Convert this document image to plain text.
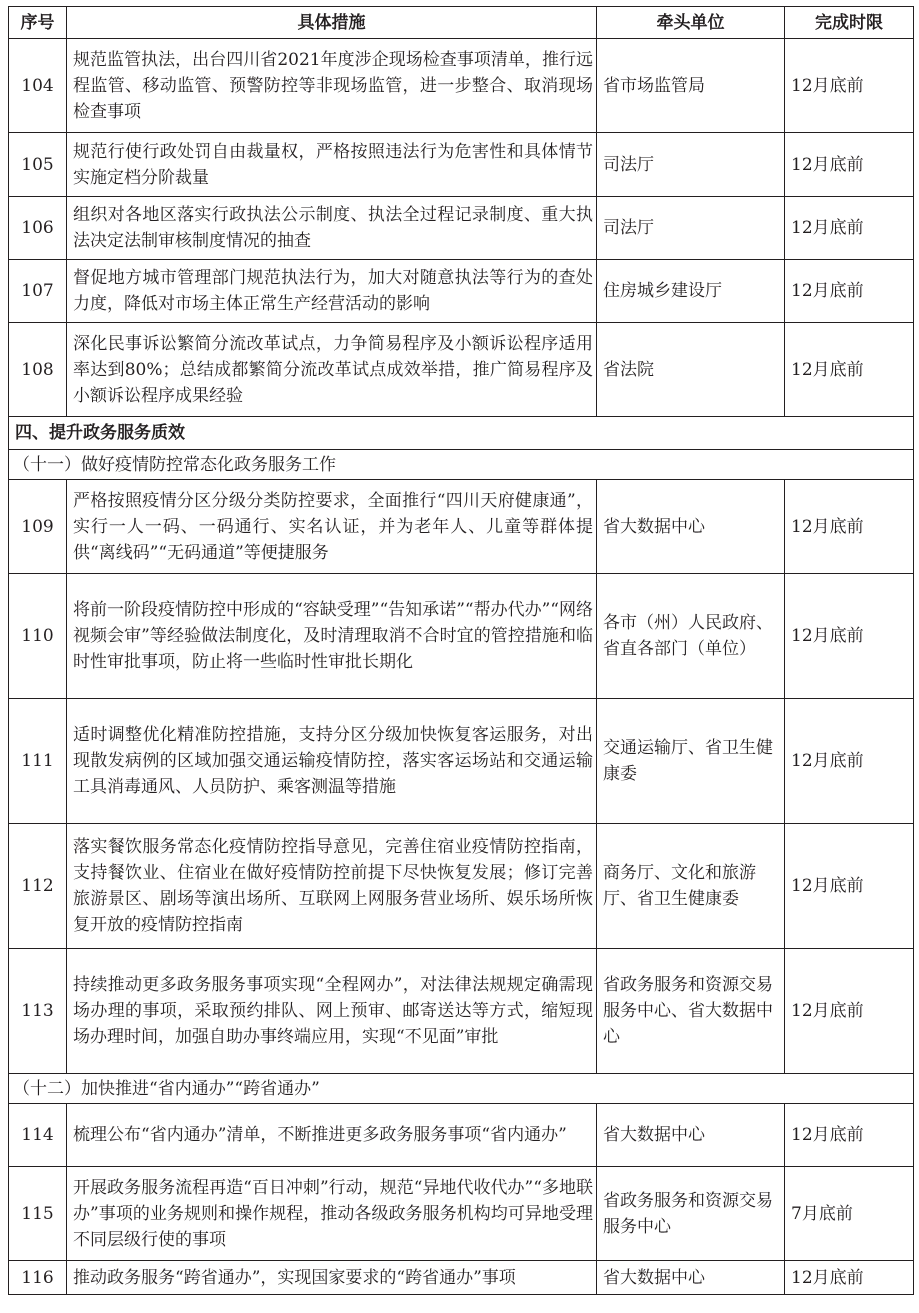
序号	具体措施	牵头单位	完成时限
104	规范监管执法，出台四川省2021年度涉企现场检查事项清单，推行远程监管、移动监管、预警防控等非现场监管，进一步整合、取消现场检查事项	省市场监管局	12月底前
105	规范行使行政处罚自由裁量权，严格按照违法行为危害性和具体情节实施定档分阶裁量	司法厅	12月底前
106	组织对各地区落实行政执法公示制度、执法全过程记录制度、重大执法决定法制审核制度情况的抽查	司法厅	12月底前
107	督促地方城市管理部门规范执法行为，加大对随意执法等行为的查处力度，降低对市场主体正常生产经营活动的影响	住房城乡建设厅	12月底前
108	深化民事诉讼繁简分流改革试点，力争简易程序及小额诉讼程序适用率达到80%；总结成都繁简分流改革试点成效举措，推广简易程序及小额诉讼程序成果经验	省法院	12月底前
四、提升政务服务质效			
（十一）做好疫情防控常态化政务服务工作			
109	严格按照疫情分区分级分类防控要求，全面推行“四川天府健康通”，实行一人一码、一码通行、实名认证，并为老年人、儿童等群体提供“离线码”“无码通道”等便捷服务	省大数据中心	12月底前
110	将前一阶段疫情防控中形成的“容缺受理”“告知承诺”“帮办代办”“网络视频会审”等经验做法制度化，及时清理取消不合时宜的管控措施和临时性审批事项，防止将一些临时性审批长期化	各市（州）人民政府、省直各部门（单位）	12月底前
111	适时调整优化精准防控措施，支持分区分级加快恢复客运服务，对出现散发病例的区域加强交通运输疫情防控，落实客运场站和交通运输工具消毒通风、人员防护、乘客测温等措施	交通运输厅、省卫生健康委	12月底前
112	落实餐饮服务常态化疫情防控指导意见，完善住宿业疫情防控指南，支持餐饮业、住宿业在做好疫情防控前提下尽快恢复发展；修订完善旅游景区、剧场等演出场所、互联网上网服务营业场所、娱乐场所恢复开放的疫情防控指南	商务厅、文化和旅游厅、省卫生健康委	12月底前
113	持续推动更多政务服务事项实现“全程网办”，对法律法规规定确需现场办理的事项，采取预约排队、网上预审、邮寄送达等方式，缩短现场办理时间，加强自助办事终端应用，实现“不见面”审批	省政务服务和资源交易服务中心、省大数据中心	12月底前
（十二）加快推进“省内通办”“跨省通办”			
114	梳理公布“省内通办”清单，不断推进更多政务服务事项“省内通办”	省大数据中心	12月底前
115	开展政务服务流程再造“百日冲刺”行动，规范“异地代收代办”“多地联办”事项的业务规则和操作规程，推动各级政务服务机构均可异地受理不同层级行使的事项	省政务服务和资源交易服务中心	7月底前
116	推动政务服务“跨省通办”，实现国家要求的“跨省通办”事项	省大数据中心	12月底前
